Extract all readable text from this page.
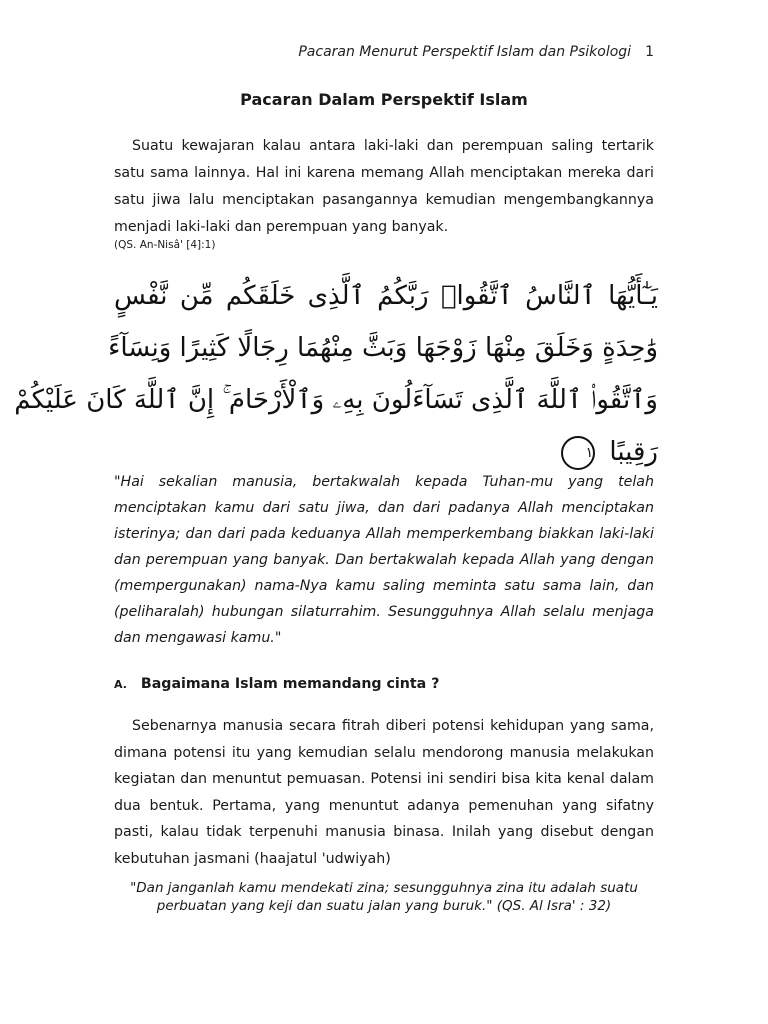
Pacaran Menurut Perspektif Islam dan Psikologi 1
Pacaran Dalam Perspektif Islam
Suatu kewajaran kalau antara laki-laki dan perempuan saling tertarik satu sama lainnya. Hal ini karena memang Allah menciptakan mereka dari satu jiwa lalu menciptakan pasangannya kemudian mengembangkannya menjadi laki-laki dan perempuan yang banyak.
(QS. An-Nisâ' [4]:1)
يَـٰٓأَيُّهَا ٱلنَّاسُ ٱتَّقُوا۟ رَبَّكُمُ ٱلَّذِى خَلَقَكُم مِّن نَّفْسٍ
وَٰحِدَةٍ وَخَلَقَ مِنْهَا زَوْجَهَا وَبَثَّ مِنْهُمَا رِجَالًا كَثِيرًا وَنِسَآءً
وَٱتَّقُوا۟ ٱللَّهَ ٱلَّذِى تَسَآءَلُونَ بِهِۦ وَٱلْأَرْحَامَ ۚ إِنَّ ٱللَّهَ كَانَ عَلَيْكُمْ
رَقِيبًا ١
"Hai sekalian manusia, bertakwalah kepada Tuhan-mu yang telah menciptakan kamu dari satu jiwa, dan dari padanya Allah menciptakan isterinya; dan dari pada keduanya Allah memperkembang biakkan laki-laki dan perempuan yang banyak. Dan bertakwalah kepada Allah yang dengan (mempergunakan) nama-Nya kamu saling meminta satu sama lain, dan (peliharalah) hubungan silaturrahim. Sesungguhnya Allah selalu menjaga dan mengawasi kamu."
A. Bagaimana Islam memandang cinta ?
Sebenarnya manusia secara fitrah diberi potensi kehidupan yang sama, dimana potensi itu yang kemudian selalu mendorong manusia melakukan kegiatan dan menuntut pemuasan. Potensi ini sendiri bisa kita kenal dalam dua bentuk. Pertama, yang menuntut adanya pemenuhan yang sifatny pasti, kalau tidak terpenuhi manusia binasa. Inilah yang disebut dengan kebutuhan jasmani (haajatul 'udwiyah)
"Dan janganlah kamu mendekati zina; sesungguhnya zina itu adalah suatu perbuatan yang keji dan suatu jalan yang buruk." (QS. Al Isra' : 32)
